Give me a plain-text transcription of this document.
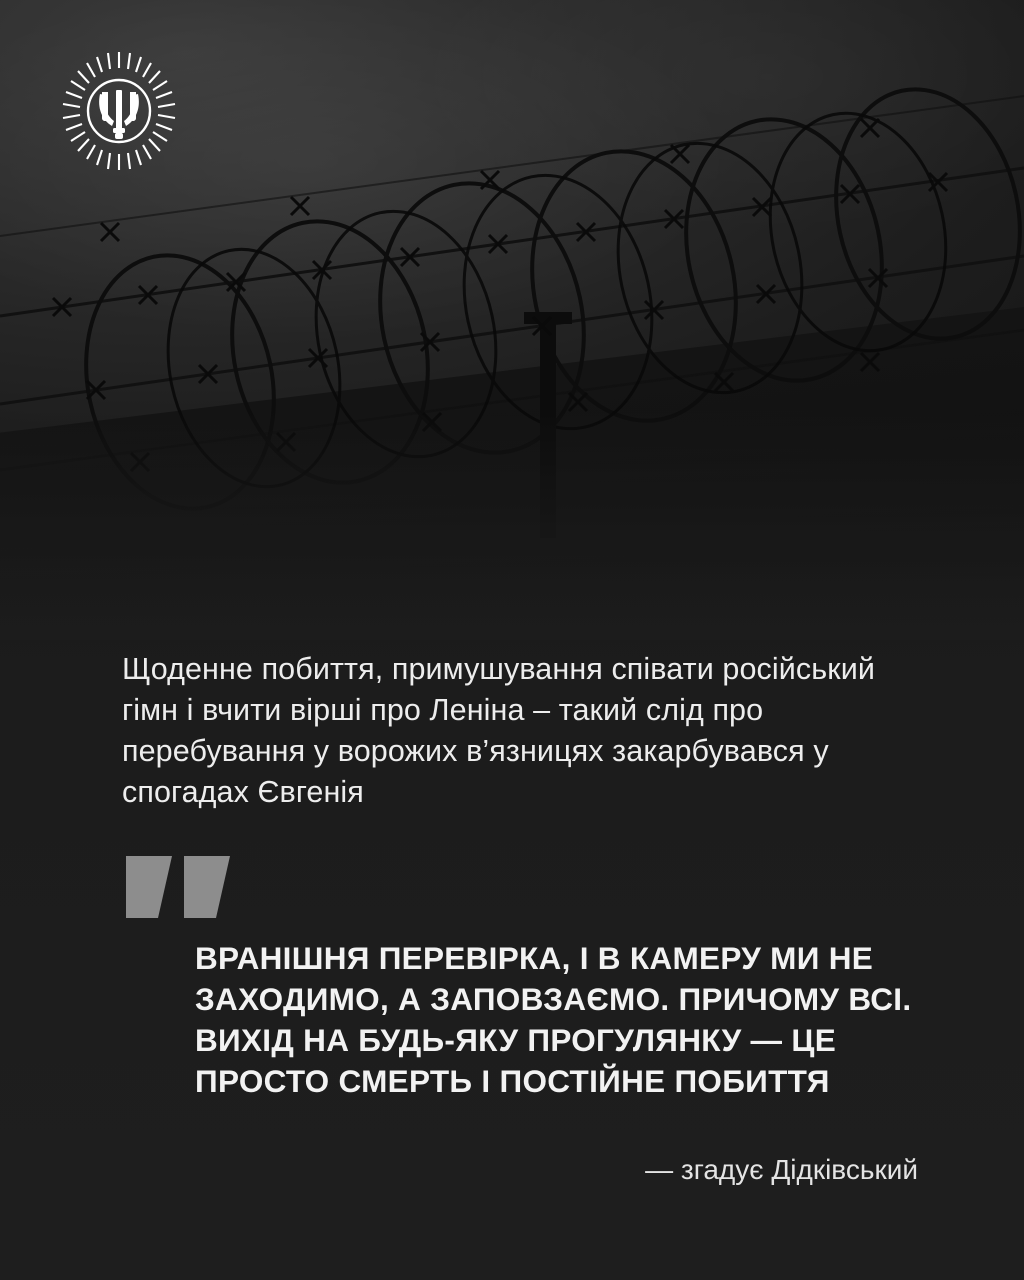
Щоденне побиття, примушування співати російський гімн і вчити вірші про Леніна – такий слід про перебування у ворожих в’язницях закарбувався у спогадах Євгенія

ВРАНІШНЯ ПЕРЕВІРКА, І В КАМЕРУ МИ НЕ ЗАХОДИМО, А ЗАПОВЗАЄМО. ПРИЧОМУ ВСІ. ВИХІД НА БУДЬ-ЯКУ ПРОГУЛЯНКУ — ЦЕ ПРОСТО СМЕРТЬ І ПОСТІЙНЕ ПОБИТТЯ

— згадує Дідківський
